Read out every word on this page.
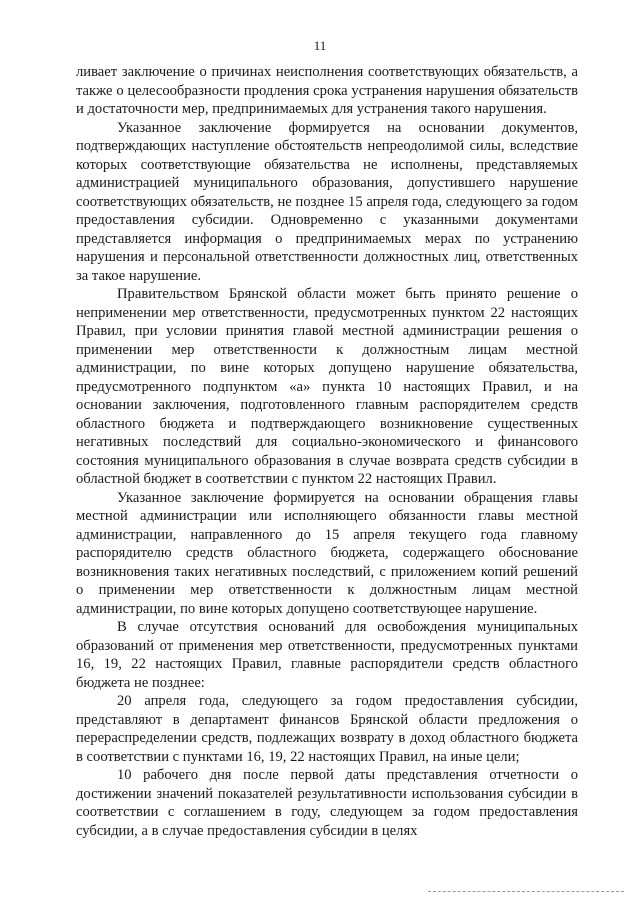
11

ливает заключение о причинах неисполнения соответствующих обязательств, а также о целесообразности продления срока устранения нарушения обязательств и достаточности мер, предпринимаемых для устранения такого нарушения.

Указанное заключение формируется на основании документов, подтверждающих наступление обстоятельств непреодолимой силы, вследствие которых соответствующие обязательства не исполнены, представляемых администрацией муниципального образования, допустившего нарушение соответствующих обязательств, не позднее 15 апреля года, следующего за годом предоставления субсидии. Одновременно с указанными документами представляется информация о предпринимаемых мерах по устранению нарушения и персональной ответственности должностных лиц, ответственных за такое нарушение.

Правительством Брянской области может быть принято решение о неприменении мер ответственности, предусмотренных пунктом 22 настоящих Правил, при условии принятия главой местной администрации решения о применении мер ответственности к должностным лицам местной администрации, по вине которых допущено нарушение обязательства, предусмотренного подпунктом «а» пункта 10 настоящих Правил, и на основании заключения, подготовленного главным распорядителем средств областного бюджета и подтверждающего возникновение существенных негативных последствий для социально-экономического и финансового состояния муниципального образования в случае возврата средств субсидии в областной бюджет в соответствии с пунктом 22 настоящих Правил.

Указанное заключение формируется на основании обращения главы местной администрации или исполняющего обязанности главы местной администрации, направленного до 15 апреля текущего года главному распорядителю средств областного бюджета, содержащего обоснование возникновения таких негативных последствий, с приложением копий решений о применении мер ответственности к должностным лицам местной администрации, по вине которых допущено соответствующее нарушение.

В случае отсутствия оснований для освобождения муниципальных образований от применения мер ответственности, предусмотренных пунктами 16, 19, 22 настоящих Правил, главные распорядители средств областного бюджета не позднее:

20 апреля года, следующего за годом предоставления субсидии, представляют в департамент финансов Брянской области предложения о перераспределении средств, подлежащих возврату в доход областного бюджета в соответствии с пунктами 16, 19, 22 настоящих Правил, на иные цели;

10 рабочего дня после первой даты представления отчетности о достижении значений показателей результативности использования субсидии в соответствии с соглашением в году, следующем за годом предоставления субсидии, а в случае предоставления субсидии в целях
